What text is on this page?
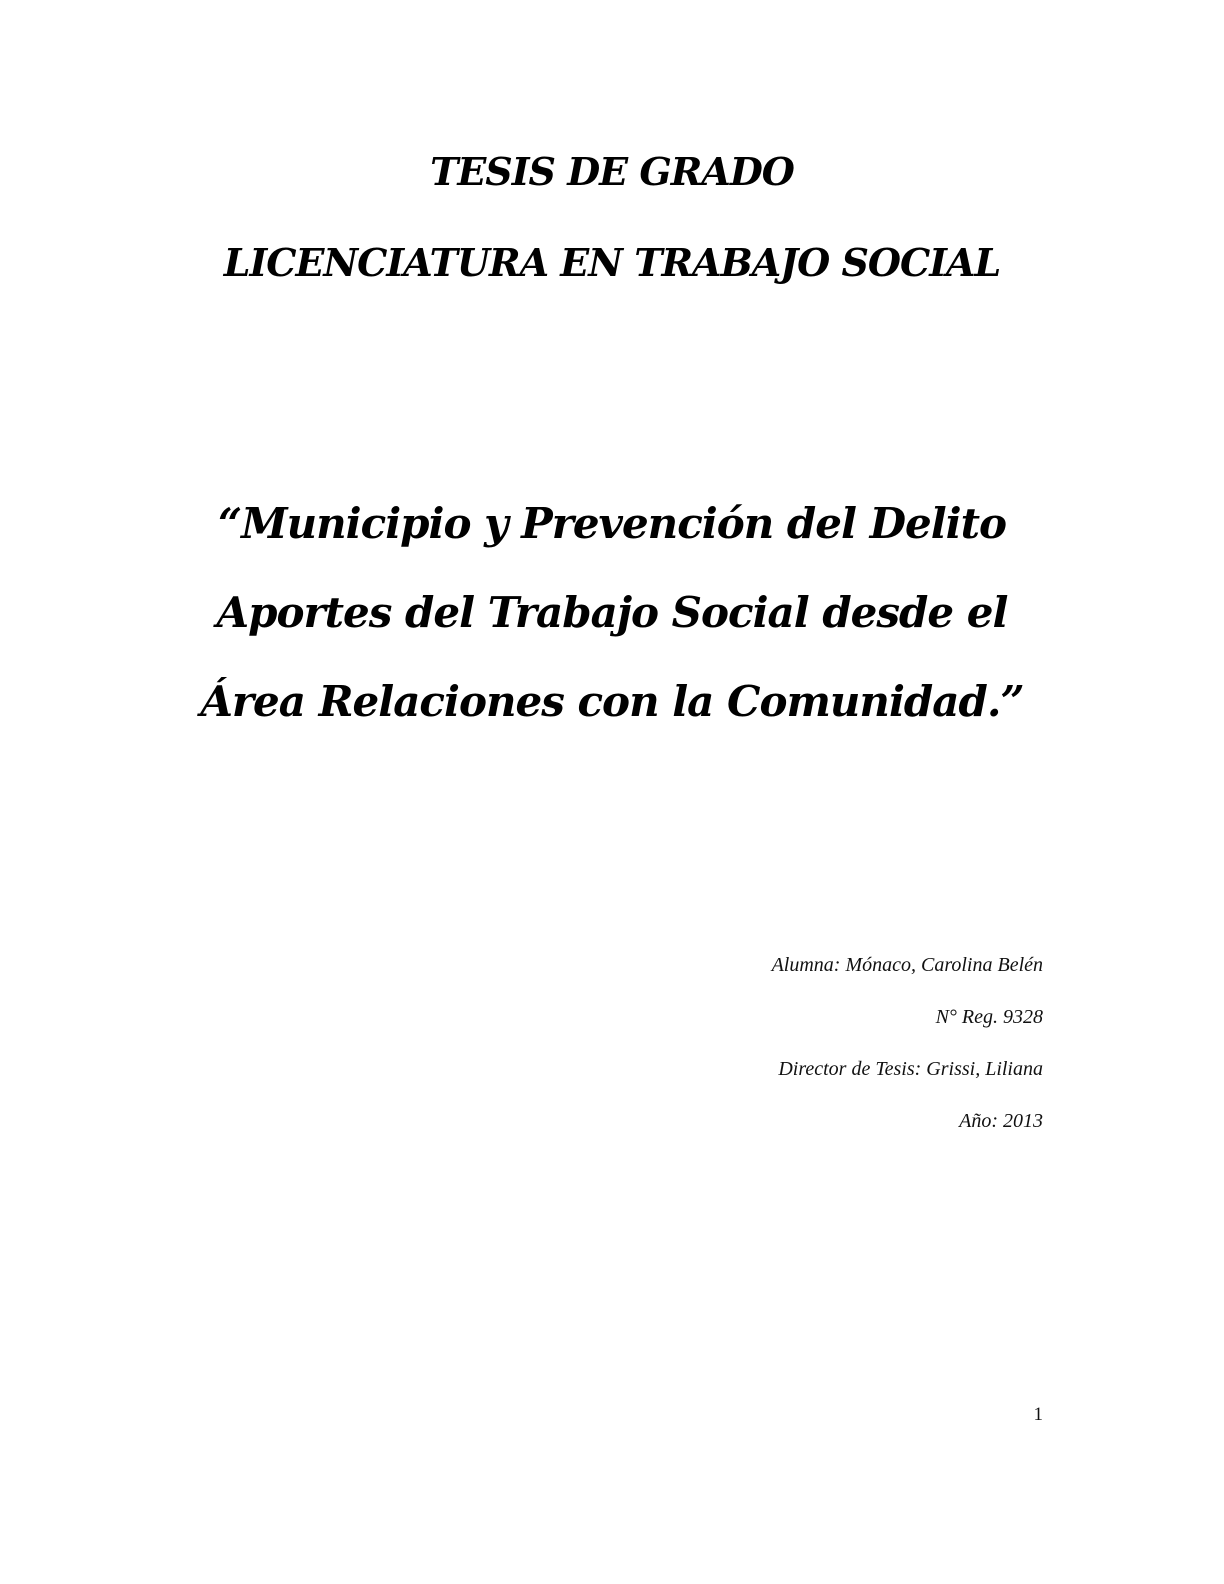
TESIS DE GRADO
LICENCIATURA EN TRABAJO SOCIAL
“Municipio y Prevención del Delito
Aportes del Trabajo Social desde el
Área Relaciones con la Comunidad.”
Alumna: Mónaco, Carolina Belén
N° Reg. 9328
Director de Tesis: Grissi, Liliana
Año: 2013
1
